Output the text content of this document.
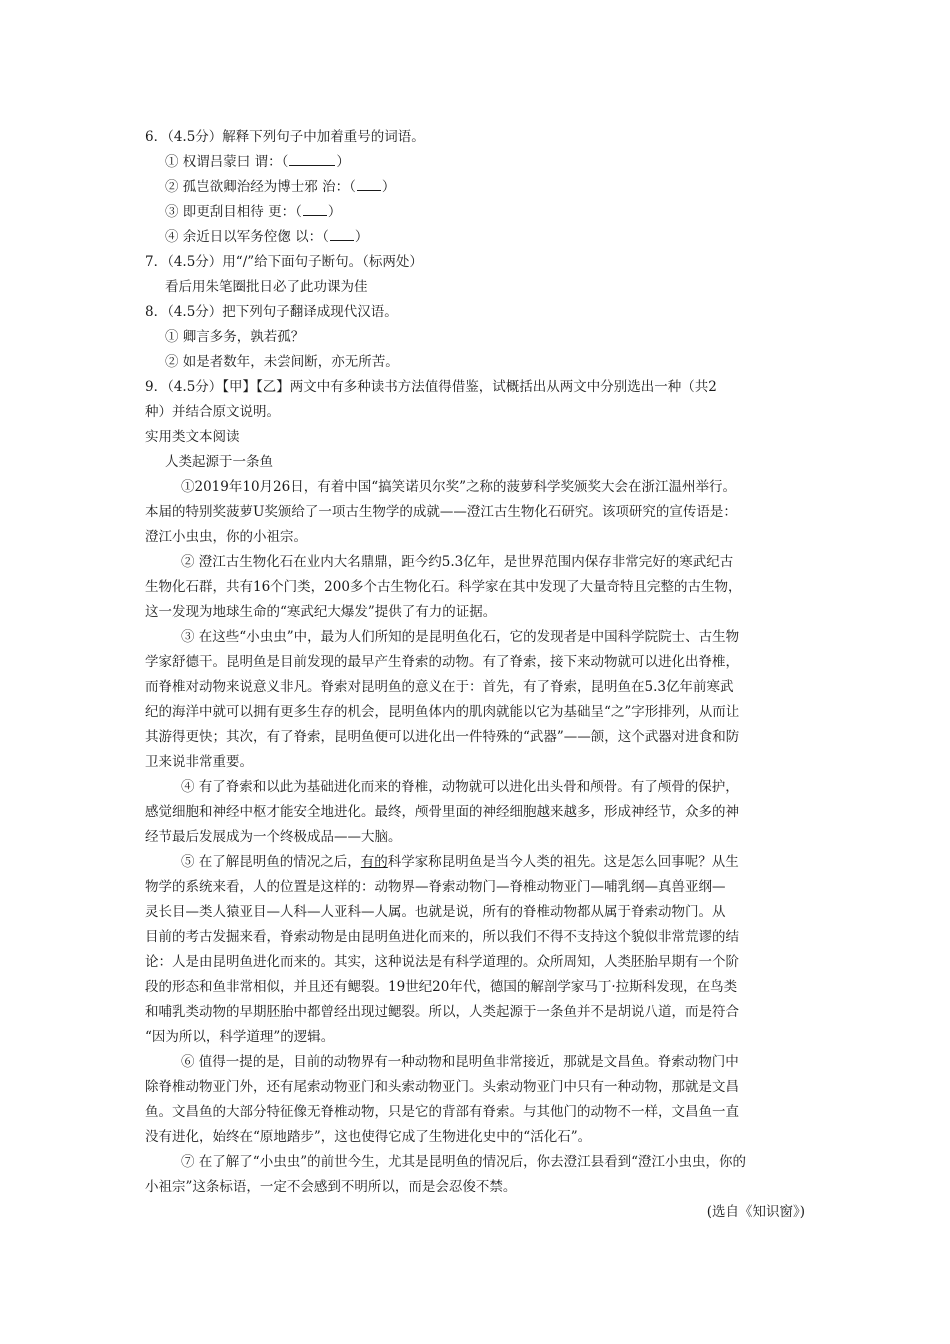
6．（4.5分）解释下列句子中加着重号的词语。
① 权谓吕蒙曰 谓：（	）
② 孤岂欲卿治经为博士邪 治：（ ）
③ 即更刮目相待 更：（ ）
④ 余近日以军务倥偬 以：（ ）
7．（4.5分）用“/”给下面句子断句。（标两处）
看后用朱笔圈批日必了此功课为佳
8．（4.5分）把下列句子翻译成现代汉语。
① 卿言多务，孰若孤？
② 如是者数年，未尝间断，亦无所苦。
9．（4.5分）【甲】【乙】两文中有多种读书方法值得借鉴，试概括出从两文中分别选出一种（共2
种）并结合原文说明。
实用类文本阅读
人类起源于一条鱼
①2019年10月26日，有着中国“搞笑诺贝尔奖”之称的菠萝科学奖颁奖大会在浙江温州举行。
本届的特别奖菠萝U奖颁给了一项古生物学的成就——澄江古生物化石研究。该项研究的宣传语是：
澄江小虫虫，你的小祖宗。
② 澄江古生物化石在业内大名鼎鼎，距今约5.3亿年，是世界范围内保存非常完好的寒武纪古
生物化石群，共有16个门类，200多个古生物化石。科学家在其中发现了大量奇特且完整的古生物，
这一发现为地球生命的“寒武纪大爆发”提供了有力的证据。
③ 在这些“小虫虫”中，最为人们所知的是昆明鱼化石，它的发现者是中国科学院院士、古生物
学家舒德干。昆明鱼是目前发现的最早产生脊索的动物。有了脊索，接下来动物就可以进化出脊椎，
而脊椎对动物来说意义非凡。脊索对昆明鱼的意义在于：首先，有了脊索，昆明鱼在5.3亿年前寒武
纪的海洋中就可以拥有更多生存的机会，昆明鱼体内的肌肉就能以它为基础呈“之”字形排列，从而让
其游得更快；其次，有了脊索，昆明鱼便可以进化出一件特殊的“武器”——颌，这个武器对进食和防
卫来说非常重要。
④ 有了脊索和以此为基础进化而来的脊椎，动物就可以进化出头骨和颅骨。有了颅骨的保护，
感觉细胞和神经中枢才能安全地进化。最终，颅骨里面的神经细胞越来越多，形成神经节，众多的神
经节最后发展成为一个终极成品——大脑。
⑤ 在了解昆明鱼的情况之后，有的科学家称昆明鱼是当今人类的祖先。这是怎么回事呢？从生
物学的系统来看，人的位置是这样的：动物界—脊索动物门—脊椎动物亚门—哺乳纲—真兽亚纲—
灵长目—类人猿亚目—人科—人亚科—人属。也就是说，所有的脊椎动物都从属于脊索动物门。从
目前的考古发掘来看，脊索动物是由昆明鱼进化而来的，所以我们不得不支持这个貌似非常荒谬的结
论：人是由昆明鱼进化而来的。其实，这种说法是有科学道理的。众所周知，人类胚胎早期有一个阶
段的形态和鱼非常相似，并且还有鳃裂。19世纪20年代，德国的解剖学家马丁·拉斯科发现，在鸟类
和哺乳类动物的早期胚胎中都曾经出现过鳃裂。所以，人类起源于一条鱼并不是胡说八道，而是符合
“因为所以，科学道理”的逻辑。
⑥ 值得一提的是，目前的动物界有一种动物和昆明鱼非常接近，那就是文昌鱼。脊索动物门中
除脊椎动物亚门外，还有尾索动物亚门和头索动物亚门。头索动物亚门中只有一种动物，那就是文昌
鱼。文昌鱼的大部分特征像无脊椎动物，只是它的背部有脊索。与其他门的动物不一样，文昌鱼一直
没有进化，始终在“原地踏步”，这也使得它成了生物进化史中的“活化石”。
⑦ 在了解了“小虫虫”的前世今生，尤其是昆明鱼的情况后，你去澄江县看到“澄江小虫虫，你的
小祖宗”这条标语，一定不会感到不明所以，而是会忍俊不禁。
(选自《知识窗》)
